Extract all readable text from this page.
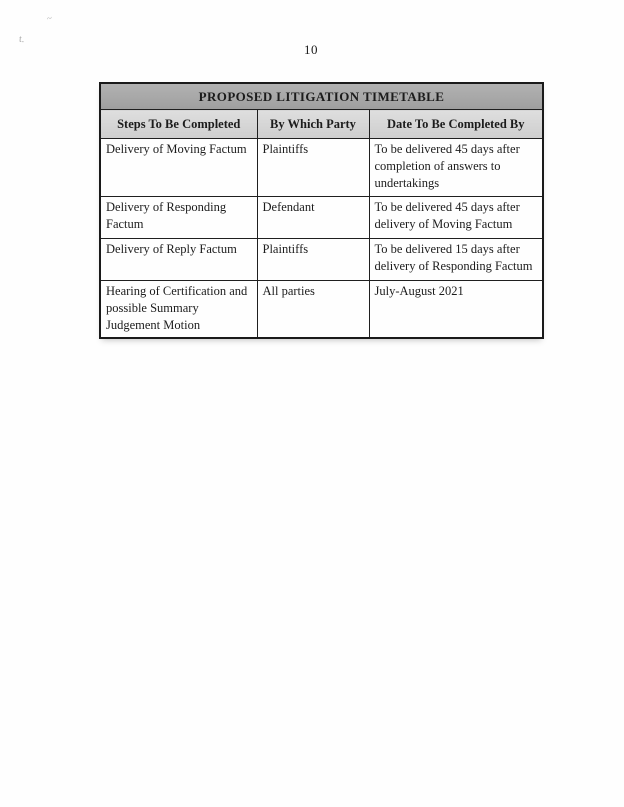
~
t.
10
PROPOSED LITIGATION TIMETABLE		
Steps To Be Completed	By Which Party	Date To Be Completed By
Delivery of Moving Factum	Plaintiffs	To be delivered 45 days after completion of answers to undertakings
Delivery of Responding Factum	Defendant	To be delivered 45 days after delivery of Moving Factum
Delivery of Reply Factum	Plaintiffs	To be delivered 15 days after delivery of Responding Factum
Hearing of Certification and possible Summary Judgement Motion	All parties	July-August 2021
